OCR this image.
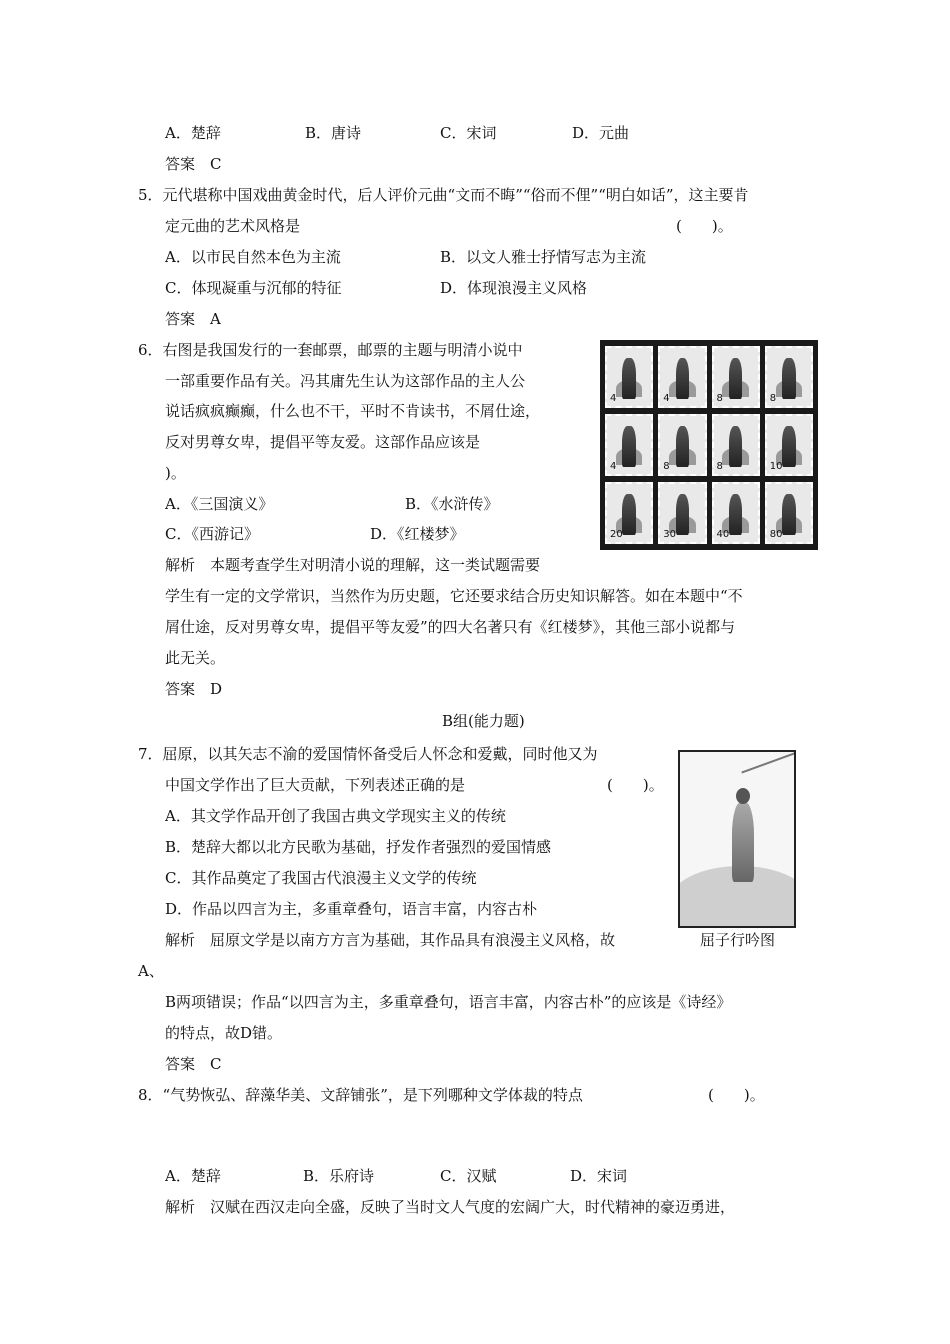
A．楚辞	B．唐诗	C．宋词	D．元曲
答案　C
5．元代堪称中国戏曲黄金时代，后人评价元曲“文而不晦”“俗而不俚”“明白如话”，这主要肯
定元曲的艺术风格是	(　　)。
A．以市民自然本色为主流	B．以文人雅士抒情写志为主流
C．体现凝重与沉郁的特征	D．体现浪漫主义风格
答案　A
6．右图是我国发行的一套邮票，邮票的主题与明清小说中
一部重要作品有关。冯其庸先生认为这部作品的主人公
说话疯疯癫癫，什么也不干，平时不肯读书，不屑仕途，
反对男尊女卑，提倡平等友爱。这部作品应该是
)。
A．《三国演义》	B．《水浒传》
C．《西游记》	D．《红楼梦》
4	4	8	8
4	8	8	10
20	30	40	80
解析　本题考查学生对明清小说的理解，这一类试题需要
学生有一定的文学常识，当然作为历史题，它还要求结合历史知识解答。如在本题中“不
屑仕途，反对男尊女卑，提倡平等友爱”的四大名著只有《红楼梦》，其他三部小说都与
此无关。
答案　D
B组(能力题)
7．屈原，以其矢志不渝的爱国情怀备受后人怀念和爱戴，同时他又为
中国文学作出了巨大贡献，下列表述正确的是	(　　)。
A．其文学作品开创了我国古典文学现实主义的传统
B．楚辞大都以北方民歌为基础，抒发作者强烈的爱国情感
C．其作品奠定了我国古代浪漫主义文学的传统
D．作品以四言为主，多重章叠句，语言丰富，内容古朴
屈子行吟图
解析　屈原文学是以南方方言为基础，其作品具有浪漫主义风格，故
A、
B两项错误；作品“以四言为主，多重章叠句，语言丰富，内容古朴”的应该是《诗经》
的特点，故D错。
答案　C
8．“气势恢弘、辞藻华美、文辞铺张”，是下列哪种文学体裁的特点	(　　)。
A．楚辞	B．乐府诗	C．汉赋	D．宋词
解析　汉赋在西汉走向全盛，反映了当时文人气度的宏阔广大，时代精神的豪迈勇进，
